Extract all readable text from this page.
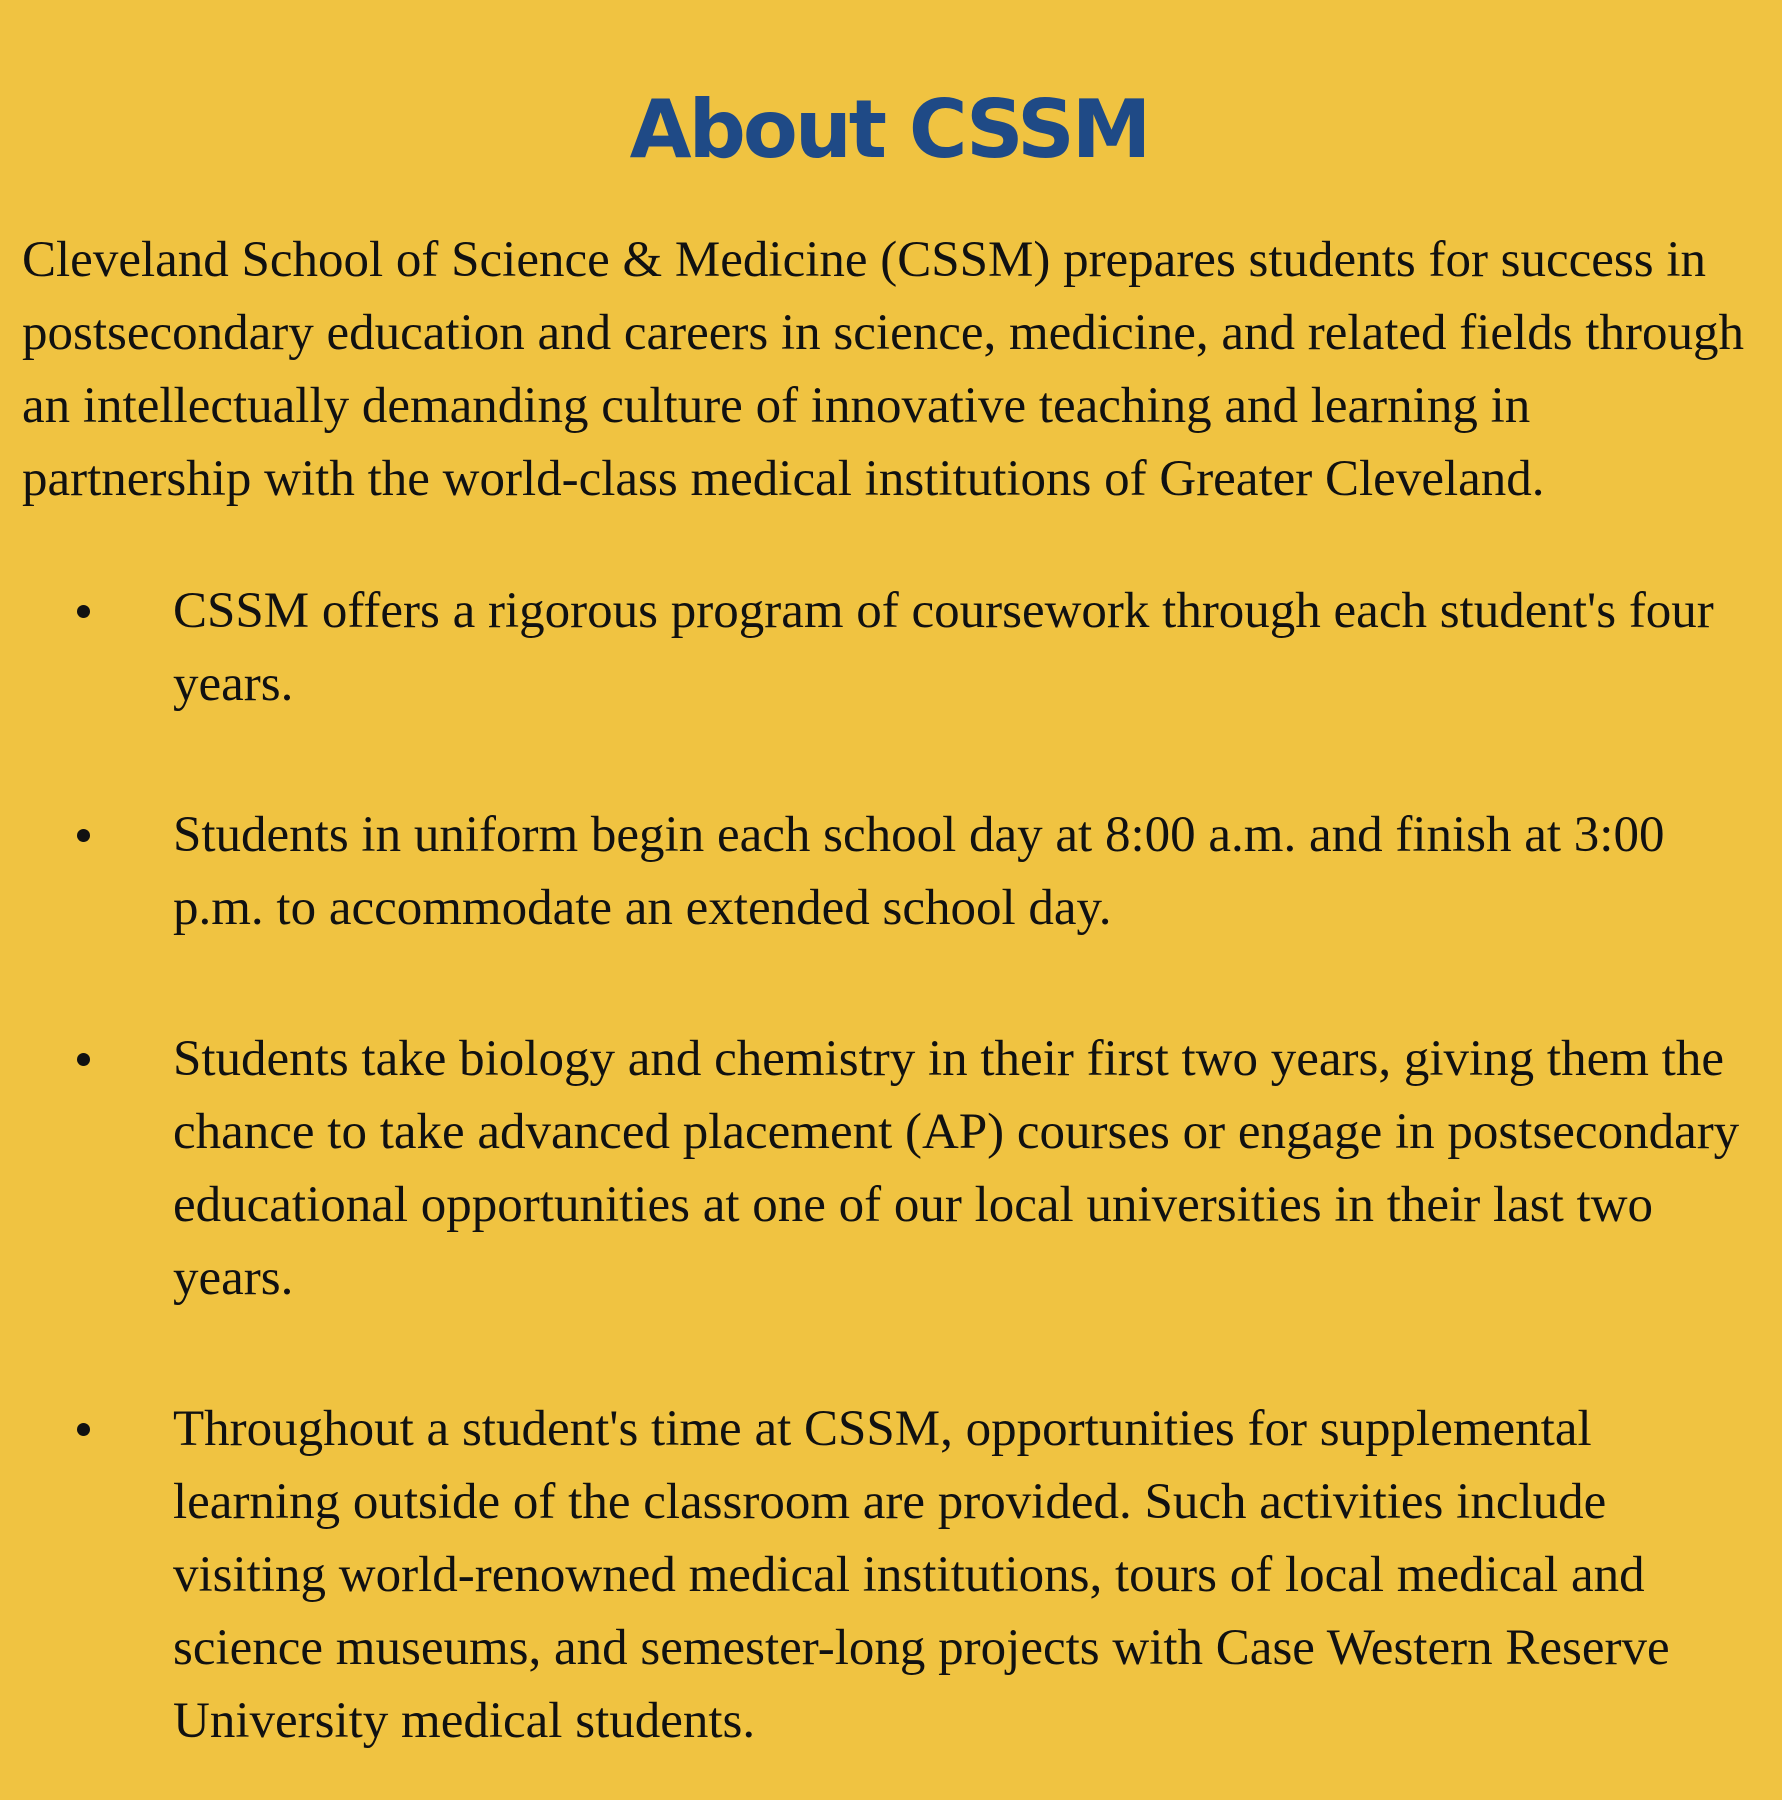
About CSSM

Cleveland School of Science & Medicine (CSSM) prepares students for success in postsecondary education and careers in science, medicine, and related fields through an intellectually demanding culture of innovative teaching and learning in partnership with the world-class medical institutions of Greater Cleveland.

CSSM offers a rigorous program of coursework through each student's four years.
Students in uniform begin each school day at 8:00 a.m. and finish at 3:00 p.m. to accommodate an extended school day.
Students take biology and chemistry in their first two years, giving them the chance to take advanced placement (AP) courses or engage in postsecondary educational opportunities at one of our local universities in their last two years.
Throughout a student's time at CSSM, opportunities for supplemental learning outside of the classroom are provided. Such activities include visiting world-renowned medical institutions, tours of local medical and science museums, and semester-long projects with Case Western Reserve University medical students.
